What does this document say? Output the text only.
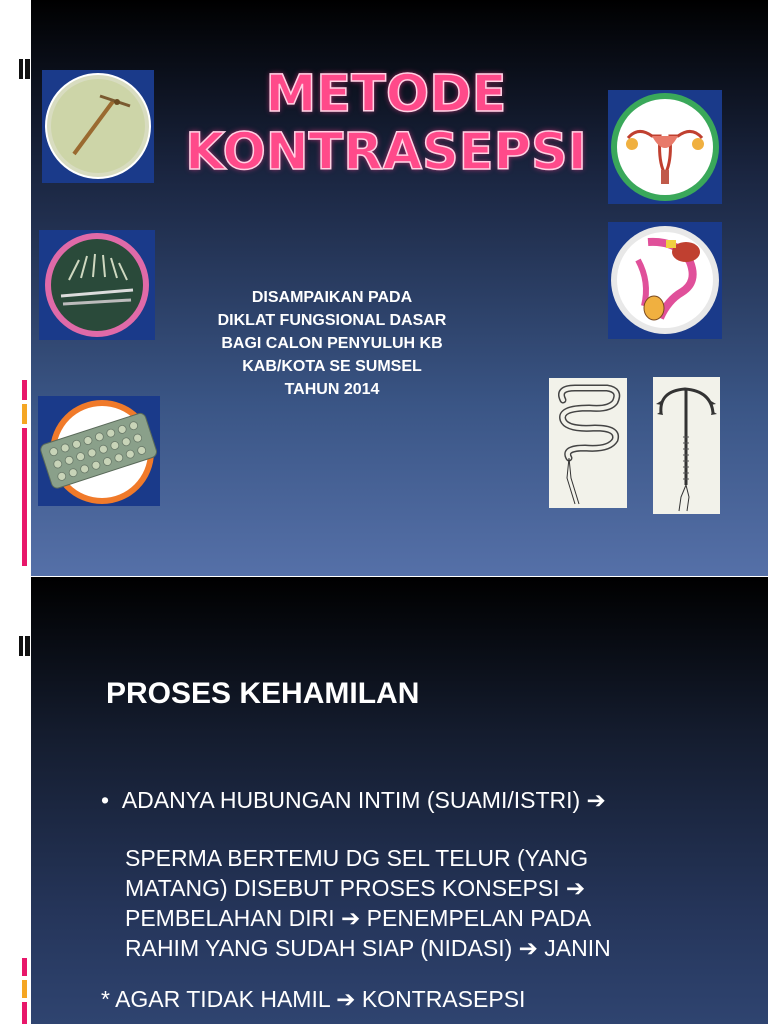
METODE
KONTRASEPSI
DISAMPAIKAN PADA
DIKLAT FUNGSIONAL DASAR
BAGI CALON PENYULUH KB
KAB/KOTA SE SUMSEL
TAHUN 2014
PROSES KEHAMILAN
• ADANYA HUBUNGAN INTIM (SUAMI/ISTRI) ➔
SPERMA BERTEMU DG SEL TELUR (YANG
MATANG) DISEBUT PROSES KONSEPSI ➔
PEMBELAHAN DIRI ➔ PENEMPELAN PADA
RAHIM YANG SUDAH SIAP (NIDASI) ➔ JANIN
* AGAR TIDAK HAMIL ➔ KONTRASEPSI
